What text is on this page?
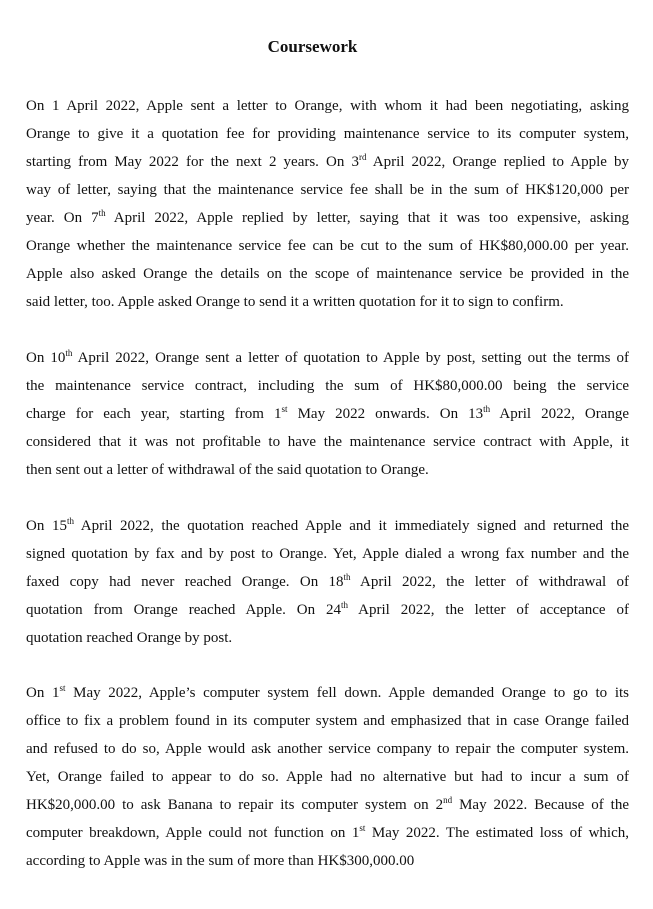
Coursework
On 1 April 2022, Apple sent a letter to Orange, with whom it had been negotiating, asking
Orange to give it a quotation fee for providing maintenance service to its computer system,
starting from May 2022 for the next 2 years. On 3rd April 2022, Orange replied to Apple by
way of letter, saying that the maintenance service fee shall be in the sum of HK$120,000 per
year. On 7th April 2022, Apple replied by letter, saying that it was too expensive, asking
Orange whether the maintenance service fee can be cut to the sum of HK$80,000.00 per year.
Apple also asked Orange the details on the scope of maintenance service be provided in the
said letter, too. Apple asked Orange to send it a written quotation for it to sign to confirm.
On 10th April 2022, Orange sent a letter of quotation to Apple by post, setting out the terms of
the maintenance service contract, including the sum of HK$80,000.00 being the service
charge for each year, starting from 1st May 2022 onwards. On 13th April 2022, Orange
considered that it was not profitable to have the maintenance service contract with Apple, it
then sent out a letter of withdrawal of the said quotation to Orange.
On 15th April 2022, the quotation reached Apple and it immediately signed and returned the
signed quotation by fax and by post to Orange. Yet, Apple dialed a wrong fax number and the
faxed copy had never reached Orange. On 18th April 2022, the letter of withdrawal of
quotation from Orange reached Apple. On 24th April 2022, the letter of acceptance of
quotation reached Orange by post.
On 1st May 2022, Apple’s computer system fell down. Apple demanded Orange to go to its
office to fix a problem found in its computer system and emphasized that in case Orange failed
and refused to do so, Apple would ask another service company to repair the computer system.
Yet, Orange failed to appear to do so. Apple had no alternative but had to incur a sum of
HK$20,000.00 to ask Banana to repair its computer system on 2nd May 2022. Because of the
computer breakdown, Apple could not function on 1st May 2022. The estimated loss of which,
according to Apple was in the sum of more than HK$300,000.00
